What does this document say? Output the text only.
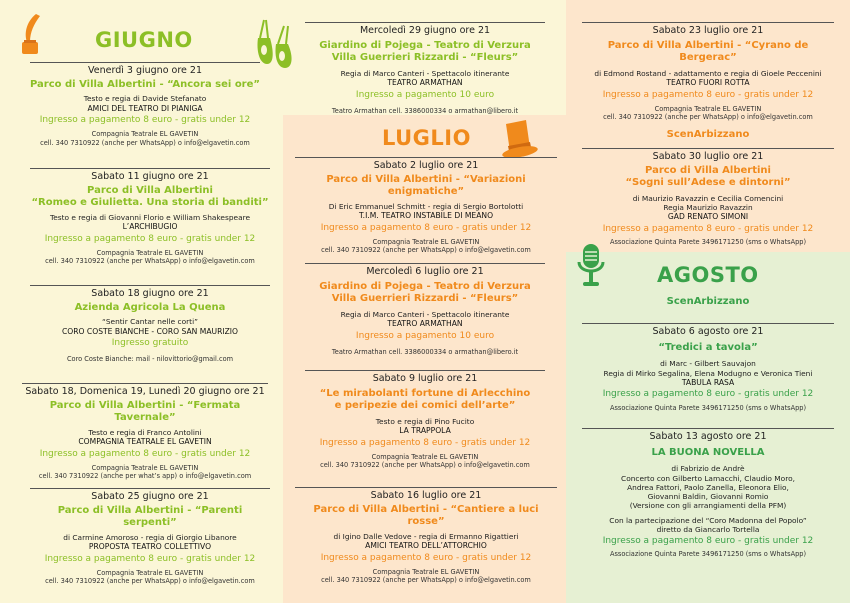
GIUGNO
Venerdì 3 giugno ore 21
Parco di Villa Albertini - “Ancora sei ore”
Testo e regia di Davide Stefanato
AMICI DEL TEATRO DI PIANIGA
Ingresso a pagamento 8 euro - gratis under 12
Compagnia Teatrale EL GAVETIN
cell. 340 7310922 (anche per WhatsApp) o info@elgavetin.com
Sabato 11 giugno ore 21
Parco di Villa Albertini
“Romeo e Giulietta. Una storia di banditi”
Testo e regia di Giovanni Florio e William Shakespeare
L’ARCHIBUGIO
Ingresso a pagamento 8 euro - gratis under 12
Compagnia Teatrale EL GAVETIN
cell. 340 7310922 (anche per WhatsApp) o info@elgavetin.com
Sabato 18 giugno ore 21
Azienda Agricola La Quena
“Sentir Cantar nelle corti”
CORO COSTE BIANCHE - CORO SAN MAURIZIO
Ingresso gratuito
Coro Coste Bianche: mail - nilovittorio@gmail.com
Sabato 18, Domenica 19, Lunedì 20 giugno ore 21
Parco di Villa Albertini - “Fermata Tavernale”
Testo e regia di Franco Antolini
COMPAGNIA TEATRALE EL GAVETIN
Ingresso a pagamento 8 euro - gratis under 12
Compagnia Teatrale EL GAVETIN
cell. 340 7310922 (anche per what’s app) o info@elgavetin.com
Sabato 25 giugno ore 21
Parco di Villa Albertini - “Parenti serpenti”
di Carmine Amoroso - regia di Giorgio Libanore
PROPOSTA TEATRO COLLETTIVO
Ingresso a pagamento 8 euro - gratis under 12
Compagnia Teatrale EL GAVETIN
cell. 340 7310922 (anche per WhatsApp) o info@elgavetin.com
Mercoledì 29 giugno ore 21
Giardino di Pojega - Teatro di Verzura
Villa Guerrieri Rizzardi - “Fleurs”
Regia di Marco Canteri - Spettacolo itinerante
TEATRO ARMATHAN
Ingresso a pagamento 10 euro
Teatro Armathan cell. 3386000334 o armathan@libero.it
LUGLIO
Sabato 2 luglio ore 21
Parco di Villa Albertini - “Variazioni enigmatiche”
Di Eric Emmanuel Schmitt - regia di Sergio Bortolotti
T.I.M. TEATRO INSTABILE DI MEANO
Ingresso a pagamento 8 euro - gratis under 12
Compagnia Teatrale EL GAVETIN
cell. 340 7310922 (anche per WhatsApp) o info@elgavetin.com
Mercoledì 6 luglio ore 21
Giardino di Pojega - Teatro di Verzura
Villa Guerrieri Rizzardi - “Fleurs”
Regia di Marco Canteri - Spettacolo itinerante
TEATRO ARMATHAN
Ingresso a pagamento 10 euro
Teatro Armathan cell. 3386000334 o armathan@libero.it
Sabato 9 luglio ore 21
“Le mirabolanti fortune di Arlecchino
e peripezie dei comici dell’arte”
Testo e regia di Pino Fucito
LA TRAPPOLA
Ingresso a pagamento 8 euro - gratis under 12
Compagnia Teatrale EL GAVETIN
cell. 340 7310922 (anche per WhatsApp) o info@elgavetin.com
Sabato 16 luglio ore 21
Parco di Villa Albertini - “Cantiere a luci rosse”
di Igino Dalle Vedove - regia di Ermanno Rigattieri
AMICI TEATRO DELL’ATTORCHIO
Ingresso a pagamento 8 euro - gratis under 12
Compagnia Teatrale EL GAVETIN
cell. 340 7310922 (anche per WhatsApp) o info@elgavetin.com
Sabato 23 luglio ore 21
Parco di Villa Albertini - “Cyrano de Bergerac”
di Edmond Rostand - adattamento e regia di Gioele Peccenini
TEATRO FUORI ROTTA
Ingresso a pagamento 8 euro - gratis under 12
Compagnia Teatrale EL GAVETIN
cell. 340 7310922 (anche per WhatsApp) o info@elgavetin.com
ScenArbizzano
Sabato 30 luglio ore 21
Parco di Villa Albertini
“Sogni sull’Adese e dintorni”
di Maurizio Ravazzin e Cecilia Comencini
Regia Maurizio Ravazzin
GAD RENATO SIMONI
Ingresso a pagamento 8 euro - gratis under 12
Associazione Quinta Parete 3496171250 (sms o WhatsApp)
AGOSTO
ScenArbizzano
Sabato 6 agosto ore 21
“Tredici a tavola”
di Marc - Gilbert Sauvajon
Regia di Mirko Segalina, Elena Modugno e Veronica Tieni
TABULA RASA
Ingresso a pagamento 8 euro - gratis under 12
Associazione Quinta Parete 3496171250 (sms o WhatsApp)
Sabato 13 agosto ore 21
LA BUONA NOVELLA
di Fabrizio de Andrè
Concerto con Gilberto Lamacchi, Claudio Moro,
Andrea Fattori, Paolo Zanella, Eleonora Elio,
Giovanni Baldin, Giovanni Romio
(Versione con gli arrangiamenti della PFM)
Con la partecipazione del “Coro Madonna del Popolo”
diretto da Giancarlo Tortella
Ingresso a pagamento 8 euro - gratis under 12
Associazione Quinta Parete 3496171250 (sms o WhatsApp)
